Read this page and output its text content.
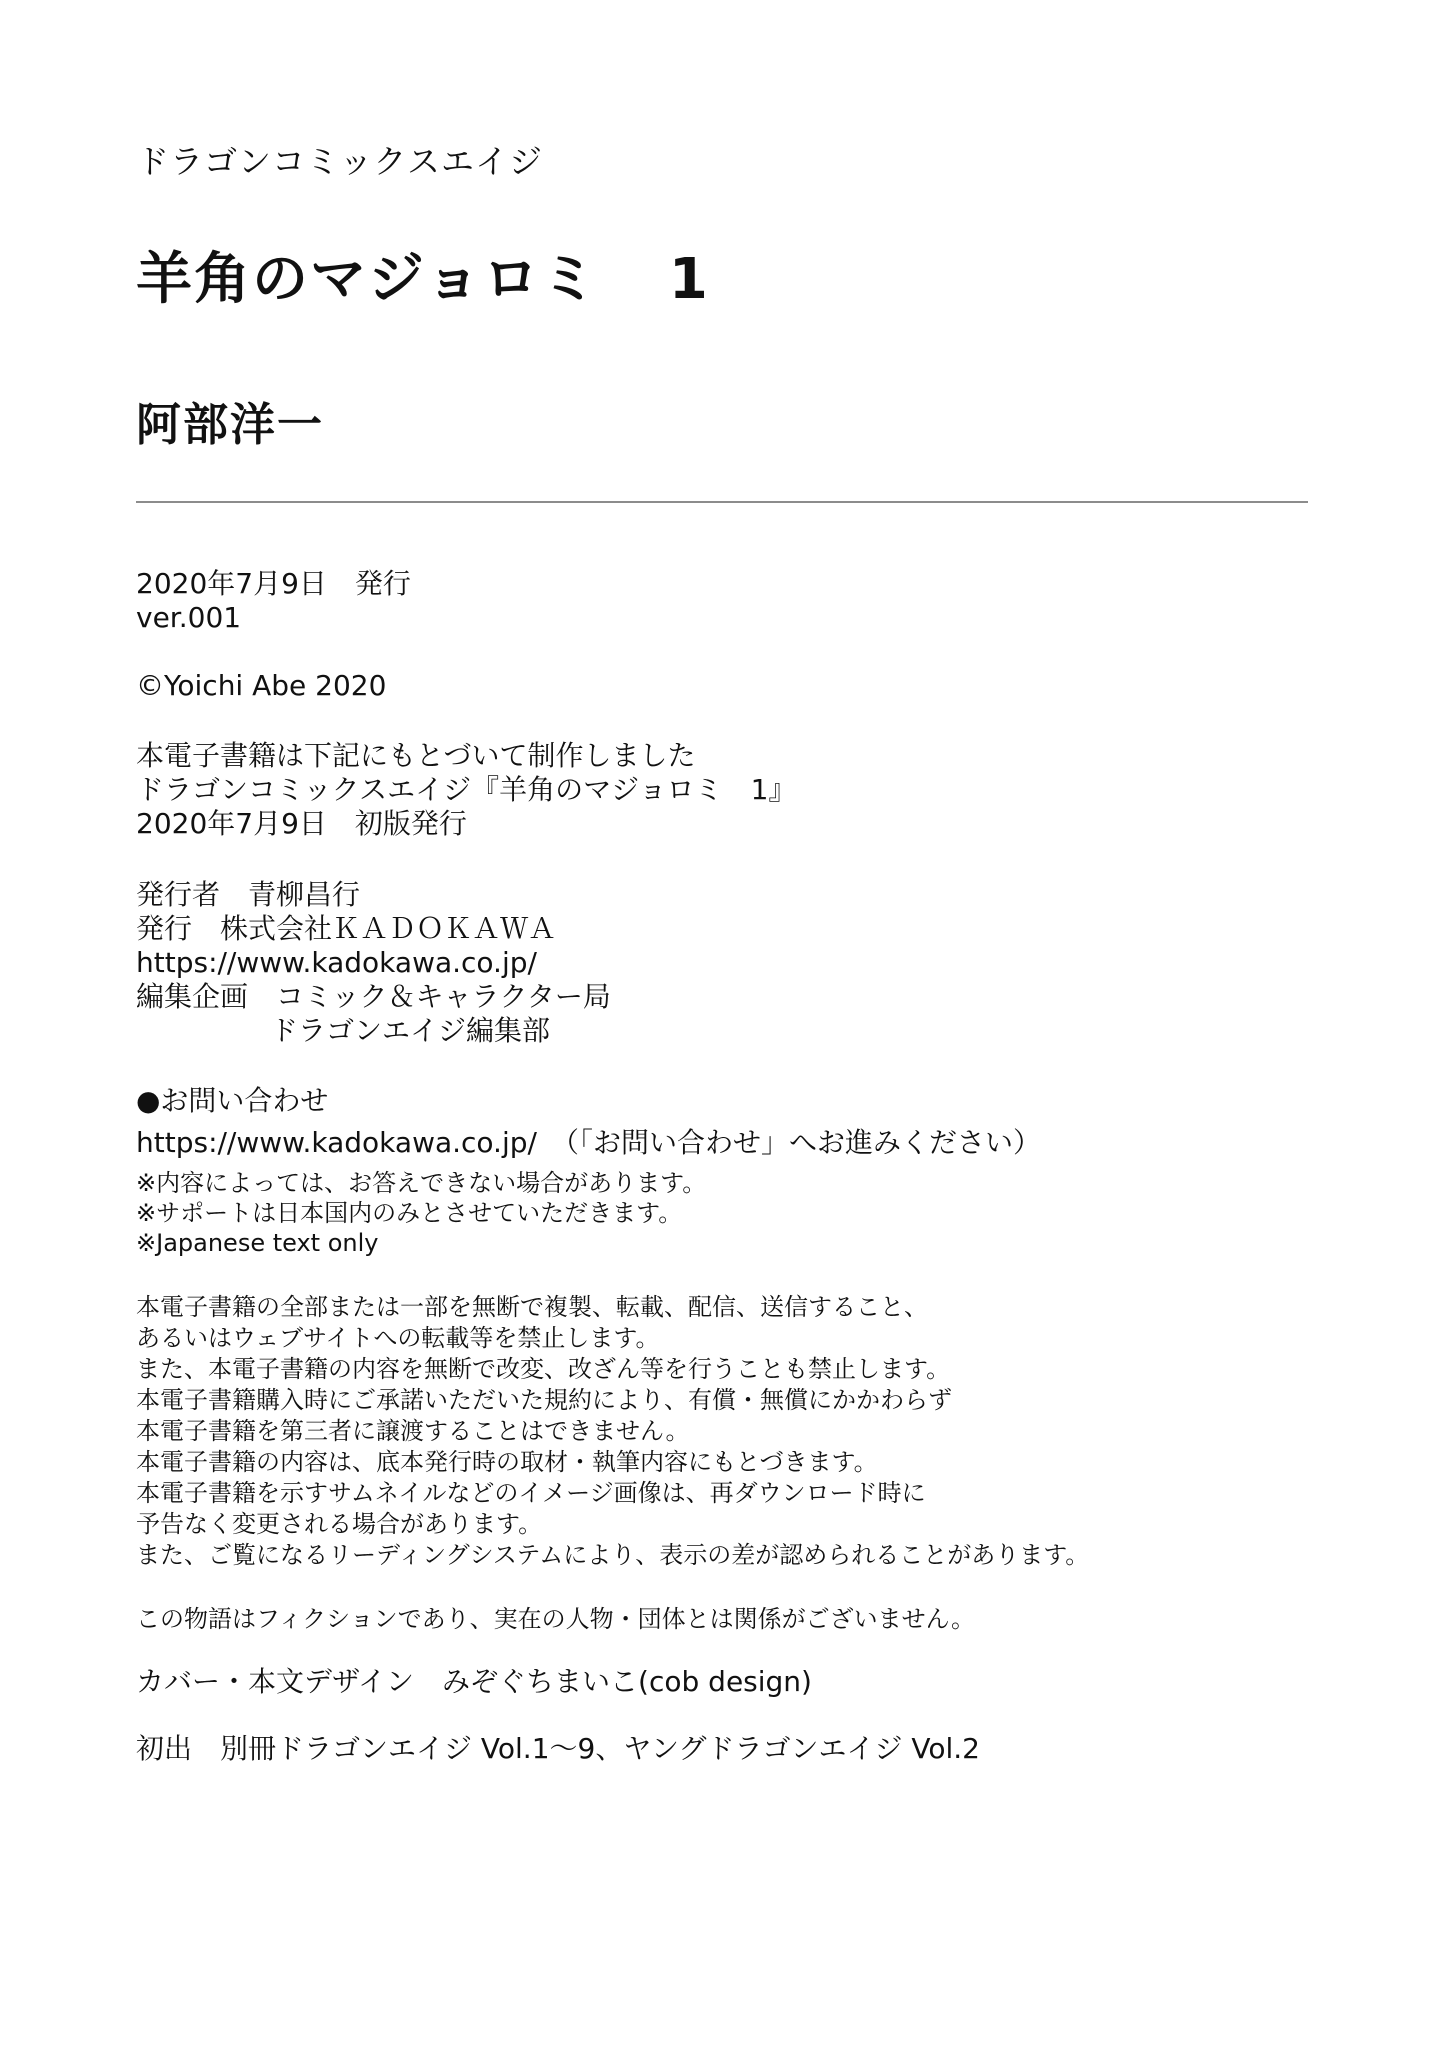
ドラゴンコミックスエイジ

羊角のマジョロミ 1

阿部洋一

2020年7月9日　発行

ver.001

©Yoichi Abe 2020

本電子書籍は下記にもとづいて制作しました

ドラゴンコミックスエイジ『羊角のマジョロミ　1』

2020年7月9日　初版発行

発行者　青柳昌行

発行　株式会社ＫＡＤＯＫＡＷＡ

https://www.kadokawa.co.jp/

編集企画　コミック＆キャラクター局

ドラゴンエイジ編集部

●お問い合わせ

https://www.kadokawa.co.jp/　（「お問い合わせ」へお進みください）

※内容によっては、お答えできない場合があります。

※サポートは日本国内のみとさせていただきます。

※Japanese text only

本電子書籍の全部または一部を無断で複製、転載、配信、送信すること、

あるいはウェブサイトへの転載等を禁止します。

また、本電子書籍の内容を無断で改変、改ざん等を行うことも禁止します。

本電子書籍購入時にご承諾いただいた規約により、有償・無償にかかわらず

本電子書籍を第三者に譲渡することはできません。

本電子書籍の内容は、底本発行時の取材・執筆内容にもとづきます。

本電子書籍を示すサムネイルなどのイメージ画像は、再ダウンロード時に

予告なく変更される場合があります。

また、ご覧になるリーディングシステムにより、表示の差が認められることがあります。

この物語はフィクションであり、実在の人物・団体とは関係がございません。

カバー・本文デザイン　みぞぐちまいこ(cob design)

初出　別冊ドラゴンエイジ Vol.1～9、ヤングドラゴンエイジ Vol.2
